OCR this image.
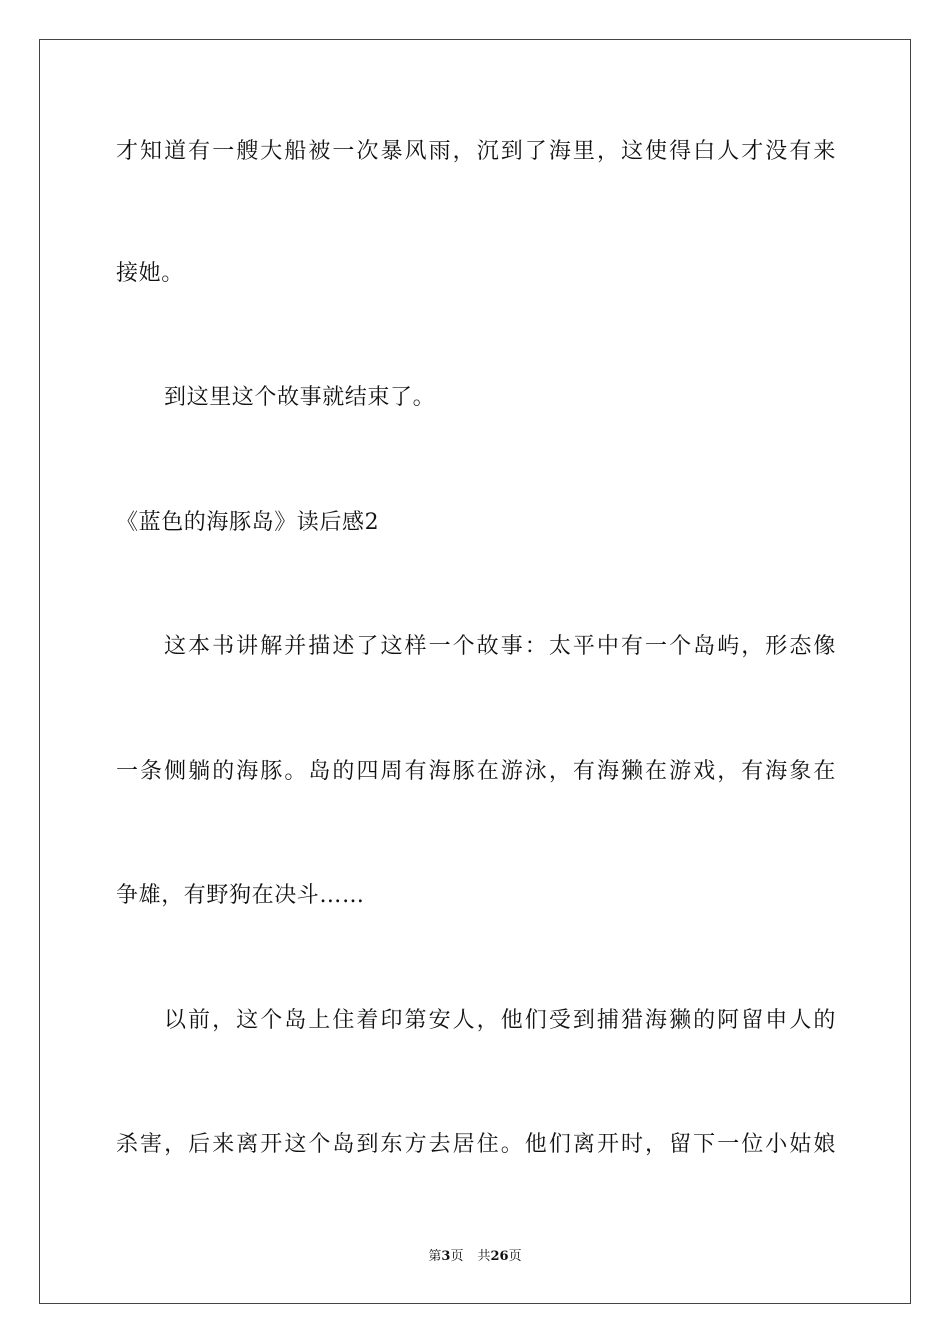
才知道有一艘大船被一次暴风雨，沉到了海里，这使得白人才没有来
接她。
到这里这个故事就结束了。
《蓝色的海豚岛》读后感2
这本书讲解并描述了这样一个故事：太平中有一个岛屿，形态像
一条侧躺的海豚。岛的四周有海豚在游泳，有海獭在游戏，有海象在
争雄，有野狗在决斗……
以前，这个岛上住着印第安人，他们受到捕猎海獭的阿留申人的
杀害，后来离开这个岛到东方去居住。他们离开时，留下一位小姑娘
第3页 共26页
